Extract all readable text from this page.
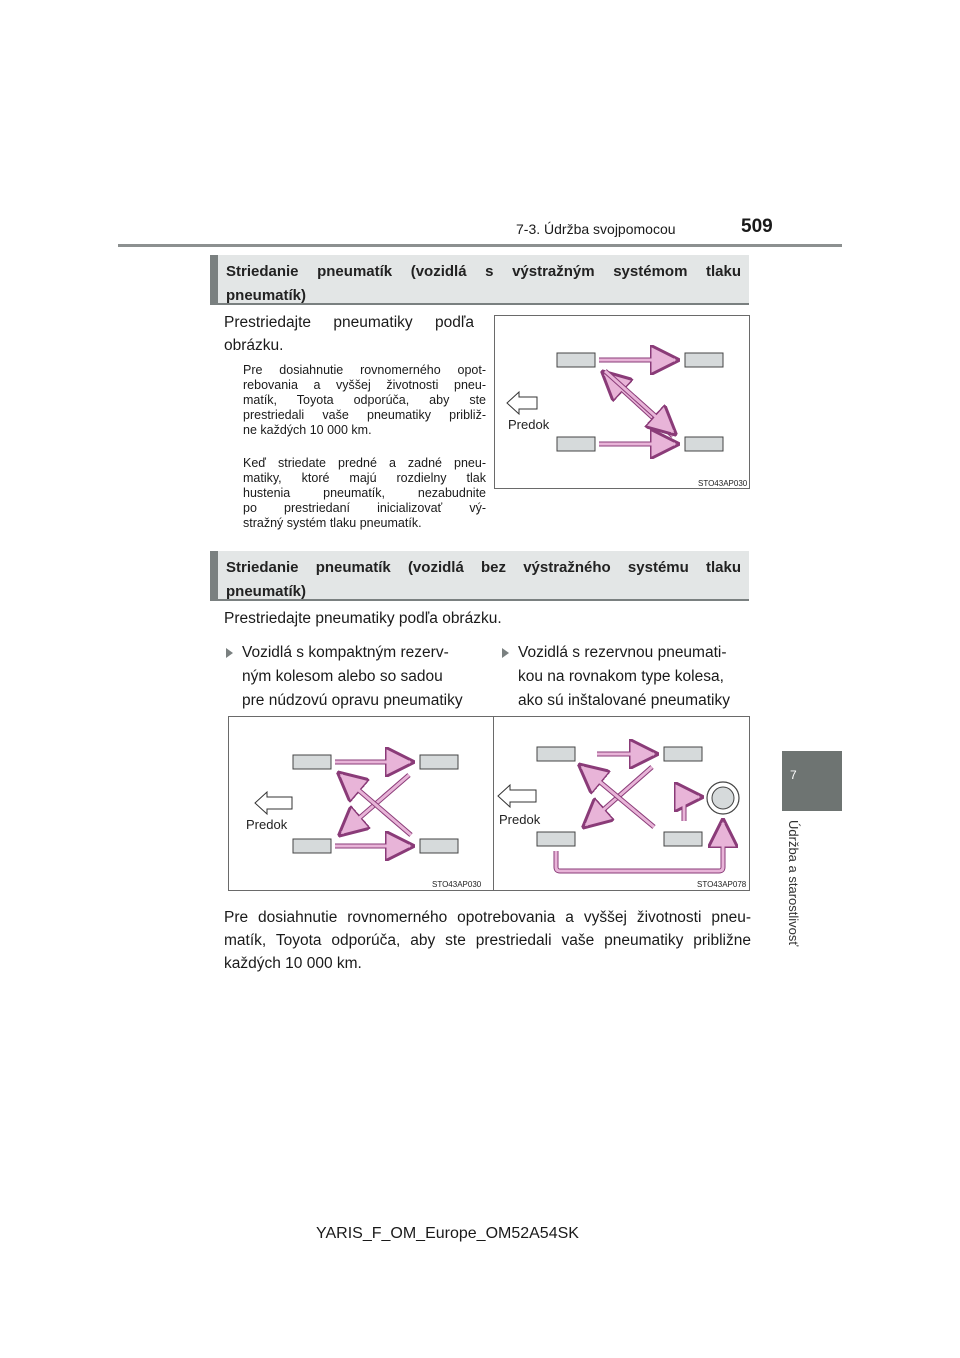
7-3. Údržba svojpomocou	509
7
Údržba a starostlivosť
Striedanie pneumatík (vozidlá s výstražným systémom tlaku
pneumatík)
Prestriedajte pneumatiky podľa
obrázku.
Pre dosiahnutie rovnomerného opot-
rebovania a vyššej životnosti pneu-
matík, Toyota odporúča, aby ste
prestriedali vaše pneumatiky približ-
ne každých 10 000 km.
Keď striedate predné a zadné pneu-
matiky, ktoré majú rozdielny tlak
hustenia pneumatík, nezabudnite
po prestriedaní inicializovať vý-
stražný systém tlaku pneumatík.
Predok
STO43AP030
Striedanie pneumatík (vozidlá bez výstražného systému tlaku
pneumatík)
Prestriedajte pneumatiky podľa obrázku.
Vozidlá s kompaktným rezerv-
ným kolesom alebo so sadou
pre núdzovú opravu pneumatiky
Vozidlá s rezervnou pneumati-
kou na rovnakom type kolesa,
ako sú inštalované pneumatiky
Predok
STO43AP030
Predok
STO43AP078
Pre dosiahnutie rovnomerného opotrebovania a vyššej životnosti pneu-
matík, Toyota odporúča, aby ste prestriedali vaše pneumatiky približne
každých 10 000 km.
YARIS_F_OM_Europe_OM52A54SK
